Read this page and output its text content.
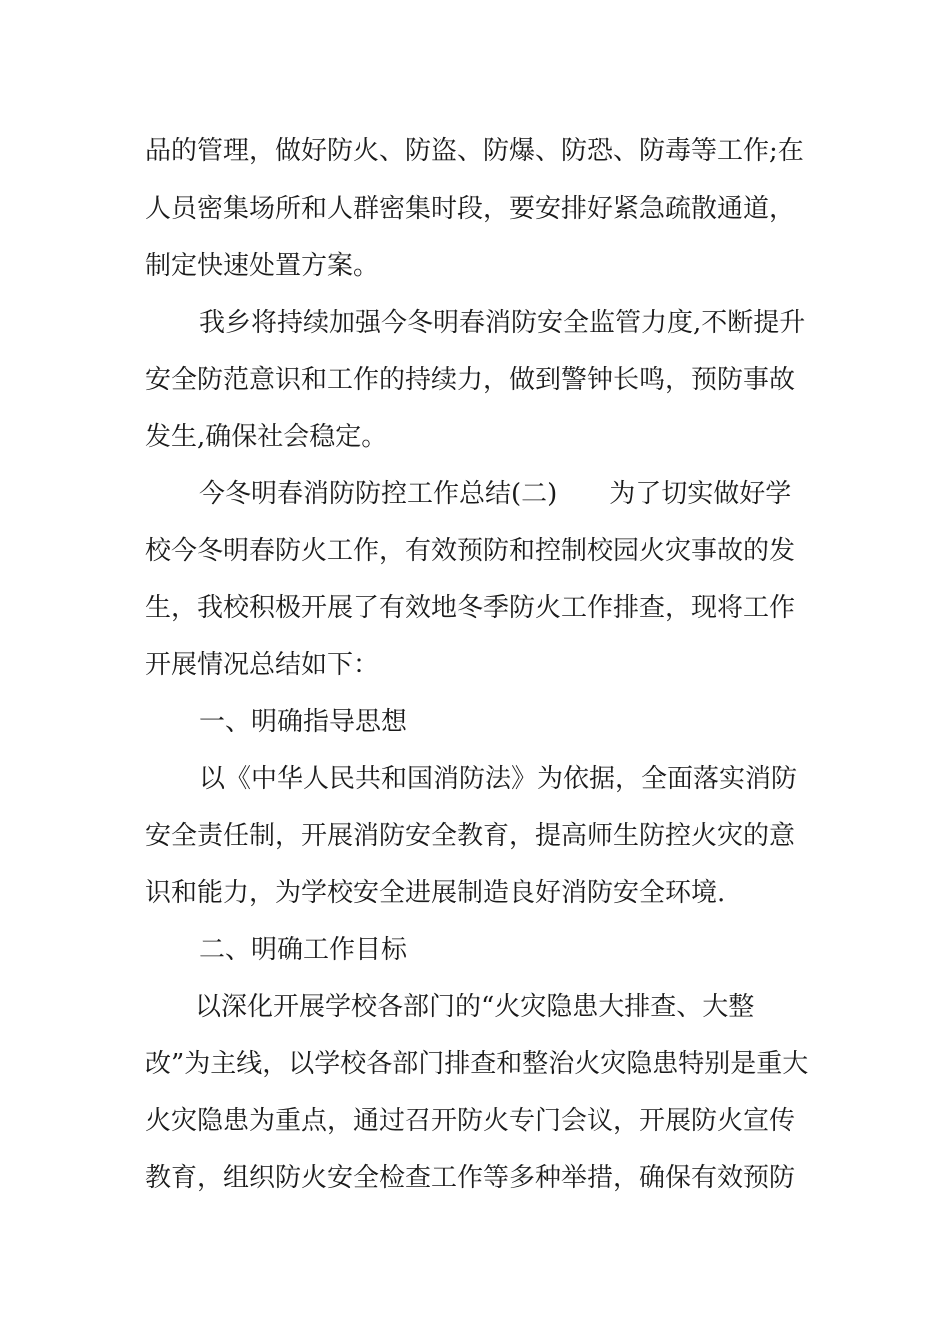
品的管理，做好防火、防盗、防爆、防恐、防毒等工作;在
人员密集场所和人群密集时段，要安排好紧急疏散通道，
制定快速处置方案。
我乡将持续加强今冬明春消防安全监管力度,不断提升
安全防范意识和工作的持续力，做到警钟长鸣，预防事故
发生,确保社会稳定。
今冬明春消防防控工作总结(二)　　为了切实做好学
校今冬明春防火工作，有效预防和控制校园火灾事故的发
生，我校积极开展了有效地冬季防火工作排查，现将工作
开展情况总结如下：
一、明确指导思想
以《中华人民共和国消防法》为依据，全面落实消防
安全责任制，开展消防安全教育，提高师生防控火灾的意
识和能力，为学校安全进展制造良好消防安全环境.
二、明确工作目标
以深化开展学校各部门的“火灾隐患大排查、大整
改”为主线，以学校各部门排查和整治火灾隐患特别是重大
火灾隐患为重点，通过召开防火专门会议，开展防火宣传
教育，组织防火安全检查工作等多种举措，确保有效预防
